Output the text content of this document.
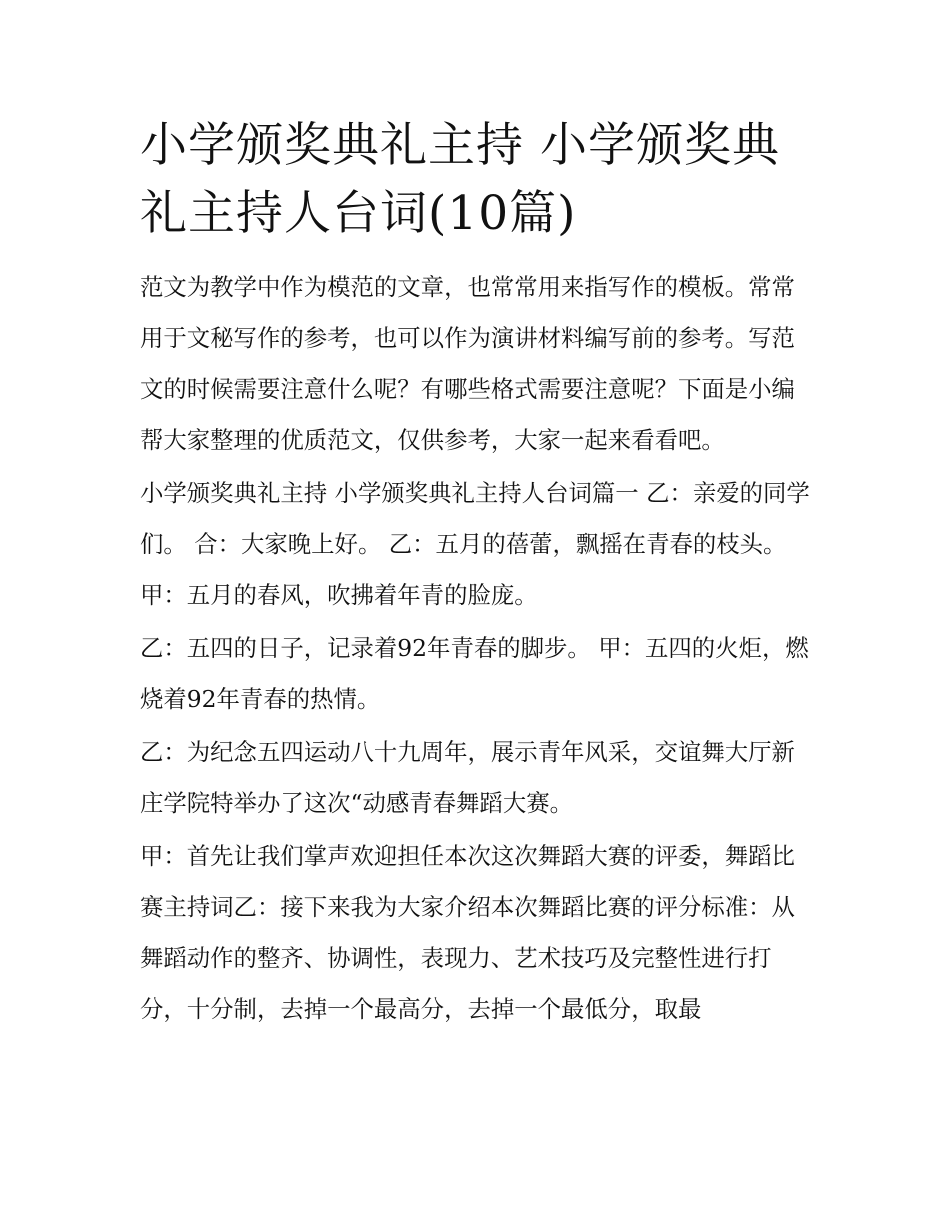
小学颁奖典礼主持 小学颁奖典礼主持人台词(10篇)

范文为教学中作为模范的文章，也常常用来指写作的模板。常常用于文秘写作的参考，也可以作为演讲材料编写前的参考。写范文的时候需要注意什么呢？有哪些格式需要注意呢？下面是小编帮大家整理的优质范文，仅供参考，大家一起来看看吧。

小学颁奖典礼主持 小学颁奖典礼主持人台词篇一 乙：亲爱的同学们。 合：大家晚上好。 乙：五月的蓓蕾，飘摇在青春的枝头。 甲：五月的春风，吹拂着年青的脸庞。

乙：五四的日子，记录着92年青春的脚步。 甲：五四的火炬，燃烧着92年青春的热情。

乙：为纪念五四运动八十九周年，展示青年风采，交谊舞大厅新庄学院特举办了这次“动感青春舞蹈大赛。

甲：首先让我们掌声欢迎担任本次这次舞蹈大赛的评委，舞蹈比赛主持词乙：接下来我为大家介绍本次舞蹈比赛的评分标准：从舞蹈动作的整齐、协调性，表现力、艺术技巧及完整性进行打分，十分制，去掉一个最高分，去掉一个最低分，取最
